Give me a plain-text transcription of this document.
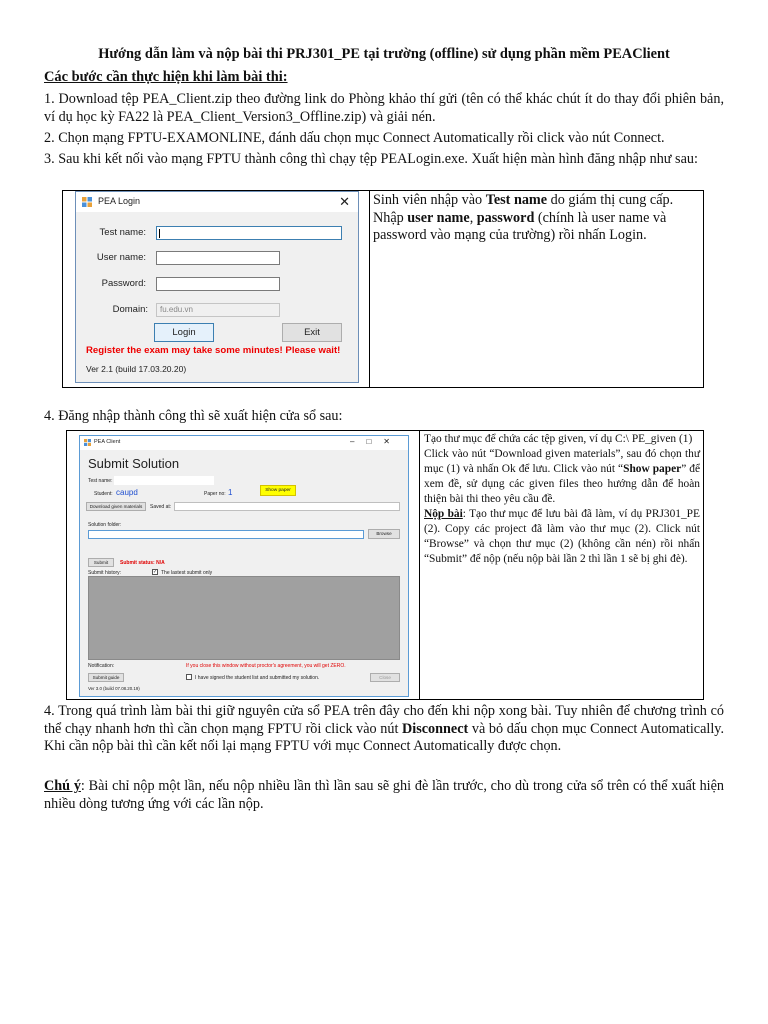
Hướng dẫn làm và nộp bài thi PRJ301_PE tại trường (offline) sử dụng phần mềm PEAClient
Các bước cần thực hiện khi làm bài thi:
1. Download tệp PEA_Client.zip theo đường link do Phòng khảo thí gửi (tên có thể khác chút ít do thay đổi phiên bản, ví dụ học kỳ FA22 là PEA_Client_Version3_Offline.zip) và giải nén.
2. Chọn mạng FPTU-EXAMONLINE, đánh dấu chọn mục Connect Automatically rồi click vào nút Connect.
3. Sau khi kết nối vào mạng FPTU thành công thì chạy tệp PEALogin.exe. Xuất hiện màn hình đăng nhập như sau:
PEA Login	✕
Test name:
User name:
Password:
Domain:	fu.edu.vn
Login	Exit
Register the exam may take some minutes! Please wait!
Ver 2.1 (build 17.03.20.20)
Sinh viên nhập vào Test name do giám thị cung cấp. Nhập user name, password (chính là user name và password vào mạng của trường) rồi nhấn Login.
4. Đăng nhập thành công thì sẽ xuất hiện cửa sổ sau:
PEA Client	–□✕
Submit Solution
Test name:
Student: caupd	Paper no: 1	Show paper
Download given materials	Saved at:
Solution folder:
Browse
Submit	Submit status: N/A
Submit history:	✓ The lastest submit only
Notification:	If you close this window without proctor's agreement, you will get ZERO.
Submit guide	I have signed the student list and submitted my solution.	Close
Ver 3.0 (build 07.08.20.19)
Tạo thư mục để chứa các tệp given, ví dụ C:\ PE_given (1)
Click vào nút “Download given materials”, sau đó chọn thư mục (1) và nhấn Ok để lưu. Click vào nút “Show paper” để xem đề, sử dụng các given files theo hướng dẫn để hoàn thiện bài thi theo yêu cầu đề.
Nộp bài: Tạo thư mục để lưu bài đã làm, ví dụ PRJ301_PE (2). Copy các project đã làm vào thư mục (2). Click nút “Browse” và chọn thư mục (2) (không cần nén) rồi nhấn “Submit” để nộp (nếu nộp bài lần 2 thì lần 1 sẽ bị ghi đè).
4. Trong quá trình làm bài thi giữ nguyên cửa sổ PEA trên đây cho đến khi nộp xong bài. Tuy nhiên để chương trình có thể chạy nhanh hơn thì cần chọn mạng FPTU rồi click vào nút Disconnect và bỏ dấu chọn mục Connect Automatically. Khi cần nộp bài thì cần kết nối lại mạng FPTU với mục Connect Automatically được chọn.
Chú ý: Bài chỉ nộp một lần, nếu nộp nhiều lần thì lần sau sẽ ghi đè lần trước, cho dù trong cửa sổ trên có thể xuất hiện nhiều dòng tương ứng với các lần nộp.
